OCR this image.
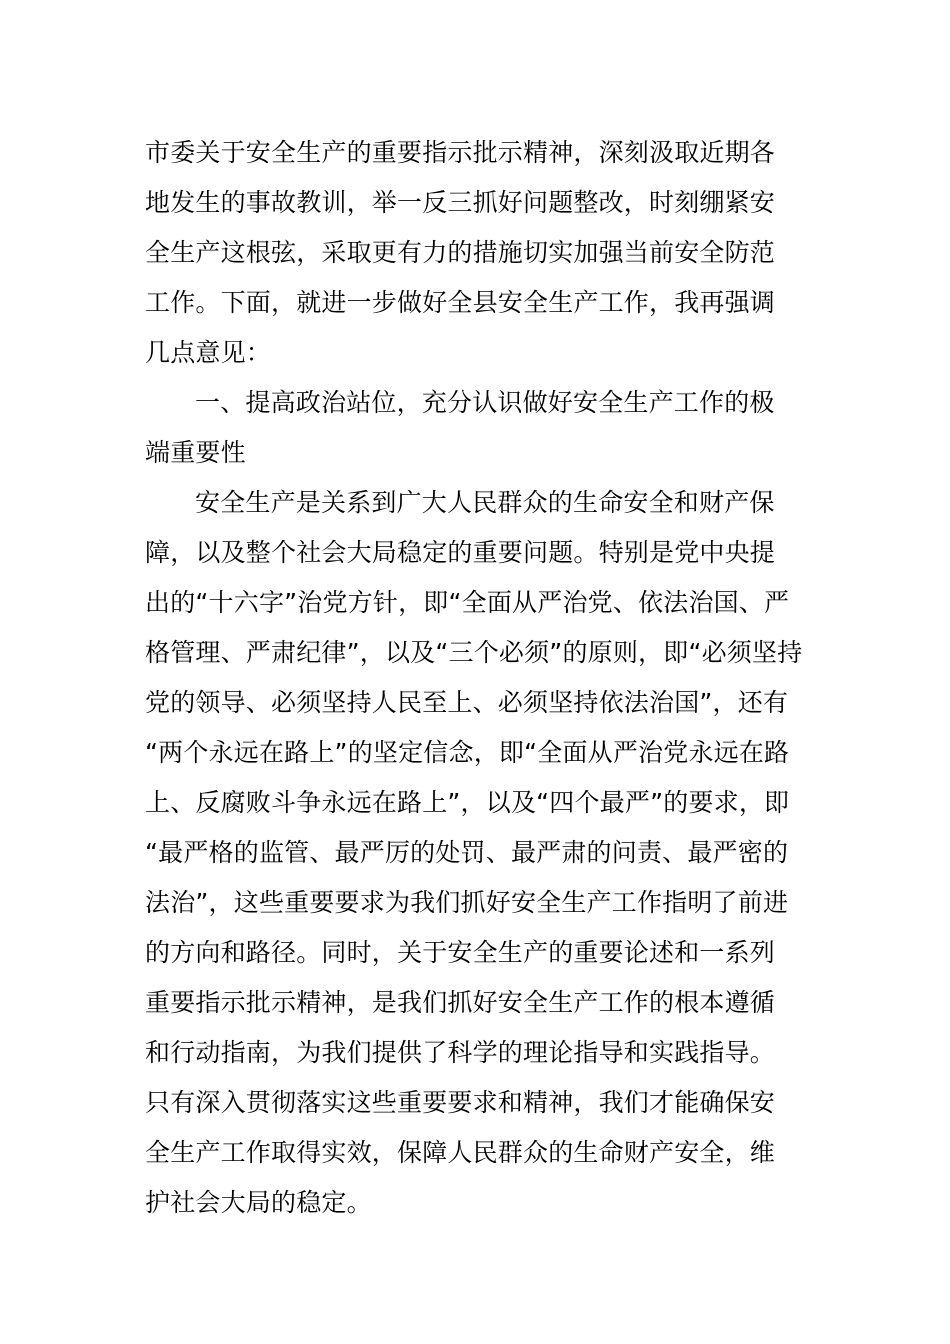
市委关于安全生产的重要指示批示精神，深刻汲取近期各
地发生的事故教训，举一反三抓好问题整改，时刻绷紧安
全生产这根弦，采取更有力的措施切实加强当前安全防范
工作。下面，就进一步做好全县安全生产工作，我再强调
几点意见：
一、提高政治站位，充分认识做好安全生产工作的极
端重要性
安全生产是关系到广大人民群众的生命安全和财产保
障，以及整个社会大局稳定的重要问题。特别是党中央提
出的“十六字”治党方针，即“全面从严治党、依法治国、严
格管理、严肃纪律”，以及“三个必须”的原则，即“必须坚持
党的领导、必须坚持人民至上、必须坚持依法治国”，还有
“两个永远在路上”的坚定信念，即“全面从严治党永远在路
上、反腐败斗争永远在路上”，以及“四个最严”的要求，即
“最严格的监管、最严厉的处罚、最严肃的问责、最严密的
法治”，这些重要要求为我们抓好安全生产工作指明了前进
的方向和路径。同时，关于安全生产的重要论述和一系列
重要指示批示精神，是我们抓好安全生产工作的根本遵循
和行动指南，为我们提供了科学的理论指导和实践指导。
只有深入贯彻落实这些重要要求和精神，我们才能确保安
全生产工作取得实效，保障人民群众的生命财产安全，维
护社会大局的稳定。
